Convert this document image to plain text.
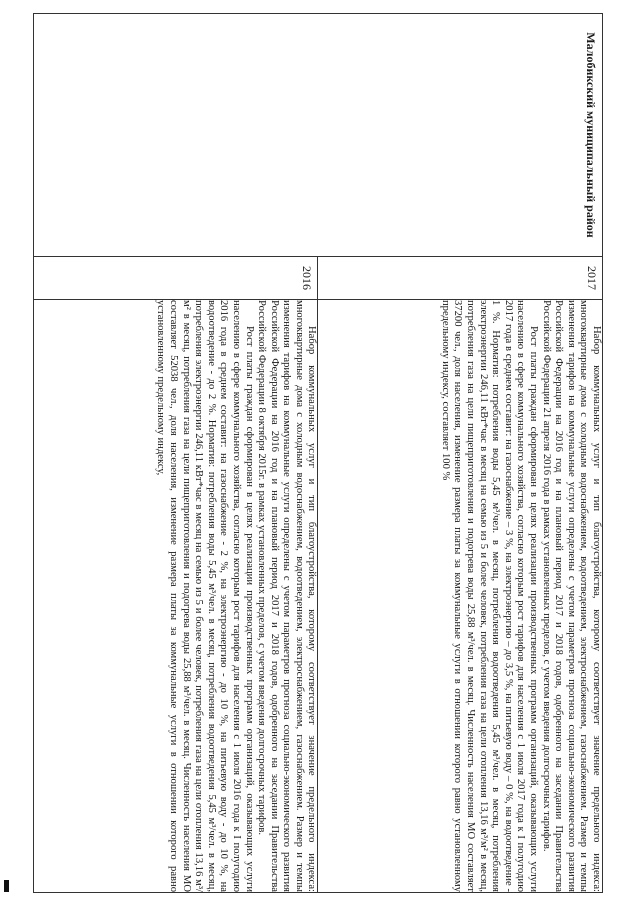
Малобикский муниципальный район	2017	Набор коммунальных услуг и тип благоустройства, которому соответствует значение предельного индекса: многоквартирные дома с холодным водоснабжением, водоотведением, электроснабжением, газоснабжением. Размер и темпы изменения тарифов на коммунальные услуги определены с учетом параметров прогноза социально-экономического развития Российской Федерации на 2016 год и на плановый период 2017 и 2018 годов, одобренного на заседании Правительства Российской Федерации 21 апреля 2016 года в рамках установленных пределов, с учетом введения долгосрочных тарифов.

Рост платы граждан сформирован в целях реализации производственных программ организаций, оказывающих услуги населению в сфере коммунального хозяйства, согласно которым рост тарифов для населения с 1 июля 2017 года к I полугодию 2017 года в среднем составит: на газоснабжение – 3 %, на электроэнергию – до 3,5 %, на питьевую воду – 0 %, на водоотведение - 1 %. Норматив: потребления воды 5,45 м³/чел. в месяц, потребления водоотведения 5,45 м³/чел. в месяц, потребления электроэнергии 246,11 кВт*час в месяц на семью из 5 и более человек, потребления газа на цели отопления 13,16 м³/м² в месяц, потребления газа на цели пищеприготовления и подогрева воды 25,88 м³/чел. в месяц. Численность населения МО составляет 37200 чел., доля населения, изменение размера платы за коммунальные услуги в отношении которого равно установленному предельному индексу, составляет 100 %

	2016	Набор коммунальных услуг и тип благоустройства, которому соответствует значение предельного индекса: многоквартирные дома с холодным водоснабжением, водоотведением, электроснабжением, газоснабжением. Размер и темпы изменения тарифов на коммунальные услуги определены с учетом параметров прогноза социально-экономического развития Российской Федерации на 2016 год и на плановый период 2017 и 2018 годов, одобренного на заседании Правительства Российской Федерации 8 октября 2015г. в рамках установленных пределов, с учетом введения долгосрочных тарифов.

Рост платы граждан сформирован в целях реализации производственных программ организаций, оказывающих услуги населению в сфере коммунального хозяйства, согласно которым рост тарифов для населения с 1 июля 2016 года к I полугодию 2016 года в среднем составит: на газоснабжение - 2 %, на электроэнергию - до 10 %, на питьевую воду - до 10 %, на водоотведение - до 2 %. Норматив: потребления воды 5,45 м³/чел. в месяц, потребления водоотведения 5,45 м³/чел. в месяц, потребления электроэнергии 246,11 кВт*час в месяц на семью из 5 и более человек, потребления газа на цели отопления 13,16 м³/м² в месяц, потребления газа на цели пищеприготовления и подогрева воды 25,88 м³/чел. в месяц. Численность населения МО составляет 52038 чел., доля населения, изменение размера платы за коммунальные услуги в отношении которого равно установленному предельному индексу,
